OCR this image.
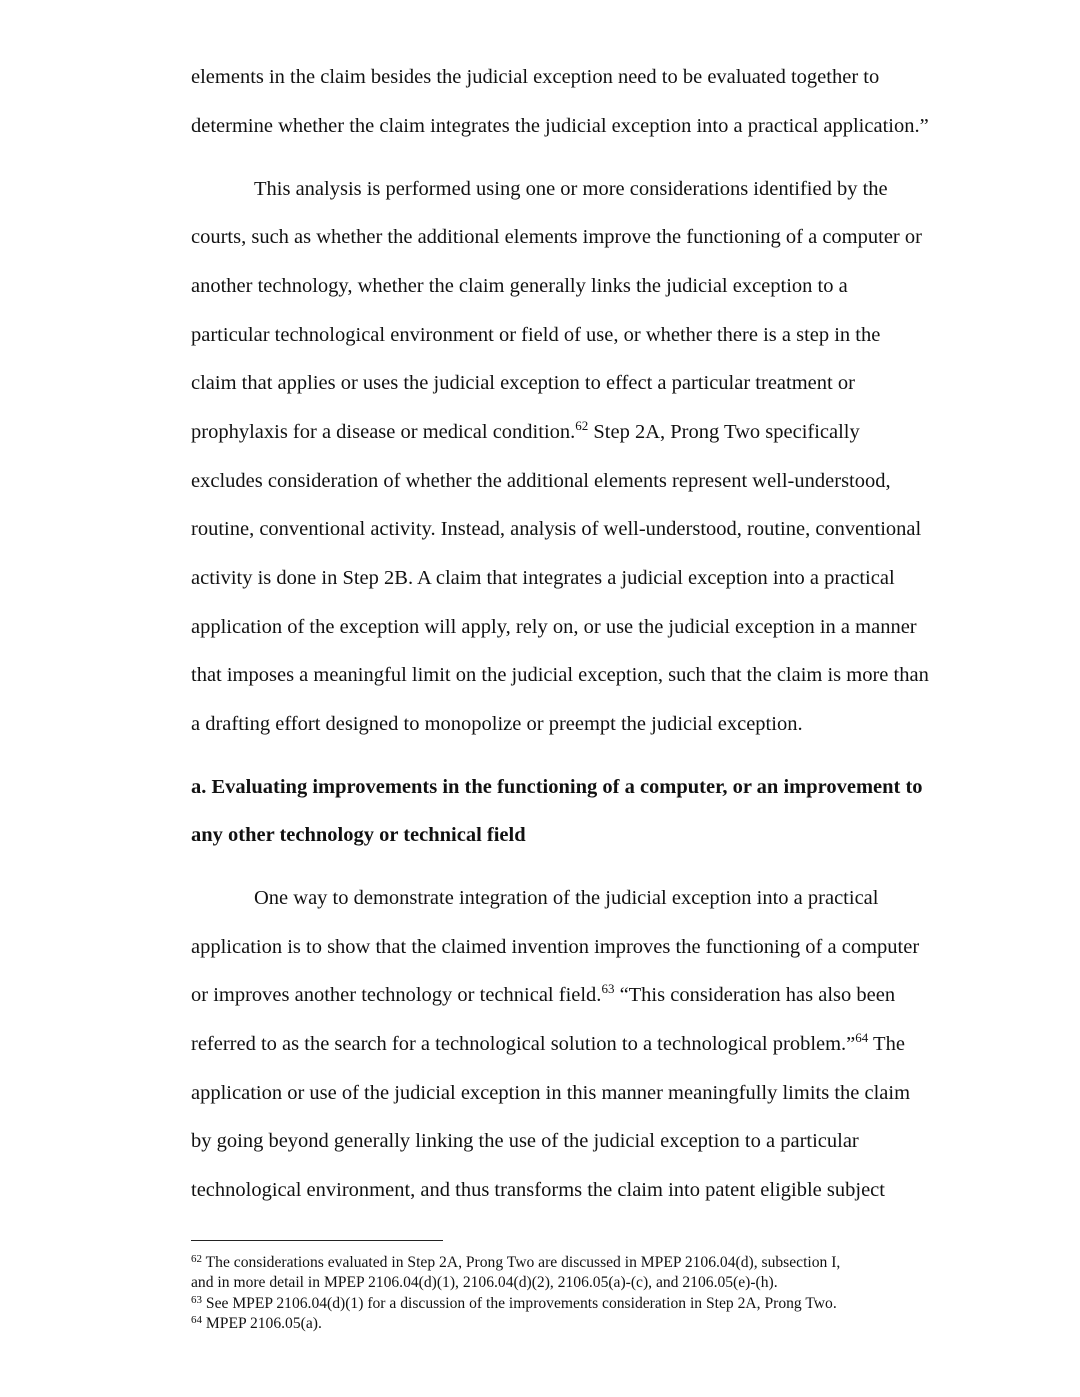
elements in the claim besides the judicial exception need to be evaluated together to
determine whether the claim integrates the judicial exception into a practical application.”
This analysis is performed using one or more considerations identified by the
courts, such as whether the additional elements improve the functioning of a computer or
another technology, whether the claim generally links the judicial exception to a
particular technological environment or field of use, or whether there is a step in the
claim that applies or uses the judicial exception to effect a particular treatment or
prophylaxis for a disease or medical condition.$^{62}$ Step 2A, Prong Two specifically
excludes consideration of whether the additional elements represent well-understood,
routine, conventional activity. Instead, analysis of well-understood, routine, conventional
activity is done in Step 2B. A claim that integrates a judicial exception into a practical
application of the exception will apply, rely on, or use the judicial exception in a manner
that imposes a meaningful limit on the judicial exception, such that the claim is more than
a drafting effort designed to monopolize or preempt the judicial exception.
a. Evaluating improvements in the functioning of a computer, or an improvement to
any other technology or technical field
One way to demonstrate integration of the judicial exception into a practical
application is to show that the claimed invention improves the functioning of a computer
or improves another technology or technical field.$^{63}$ “This consideration has also been
referred to as the search for a technological solution to a technological problem.”$^{64}$ The
application or use of the judicial exception in this manner meaningfully limits the claim
by going beyond generally linking the use of the judicial exception to a particular
technological environment, and thus transforms the claim into patent eligible subject
$^{62}$ The considerations evaluated in Step 2A, Prong Two are discussed in MPEP 2106.04(d), subsection I,
and in more detail in MPEP 2106.04(d)(1), 2106.04(d)(2), 2106.05(a)-(c), and 2106.05(e)-(h).
$^{63}$ See MPEP 2106.04(d)(1) for a discussion of the improvements consideration in Step 2A, Prong Two.
$^{64}$ MPEP 2106.05(a).
